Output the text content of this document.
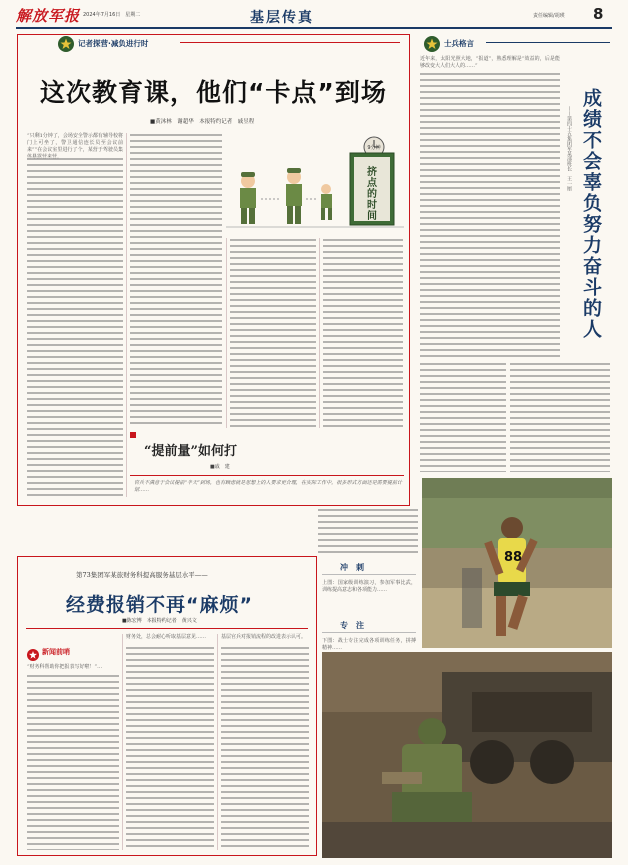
解放军报 2024年7月16日　星期二	基层传真	责任编辑/胡瑛 8
记者探营·减负进行时
这次教育课，他们“卡点”到场
■黄沐林　谢超华　本报特约记者　戚昱程
“只剩1分钟了，会场安全警示都有辅导校将门上可坐了，警卫通信连长员至会议前来”“在会议室里进行了个，某营于驾驶员集	9分钟
挤
点
的
时
间
“提前量”如何打
■戚　建
官兵不满意于会议提前“半天”到场，也有顾虑就是思想上的人要求更合理，在实际工作中，很多形式方面还是需要提前计划……
士兵格言
近年来，太阳光照大地，“报道”，熟悉理解是“效益的，后是能够改变大人们大人的……”
成绩不会辜负努力奋斗的人
——第四十五集团军某部班长　王一厘
88
第73集团军某旅财务科提高服务基层水平——
经费报销不再“麻烦”
■陈宏博　本报特约记者　黄兴文
新闻前哨
“财务科帮助你把报表写好啦！”…
财务处，总会耐心听取基层意见……	基层官兵对报销流程的改进表示认可。
冲　刺
上图：国家级训练演习，参加军事比武，训练提高意志和各项能力……
专　注
下图：战士专注完成各项训练任务，拼搏精神……
